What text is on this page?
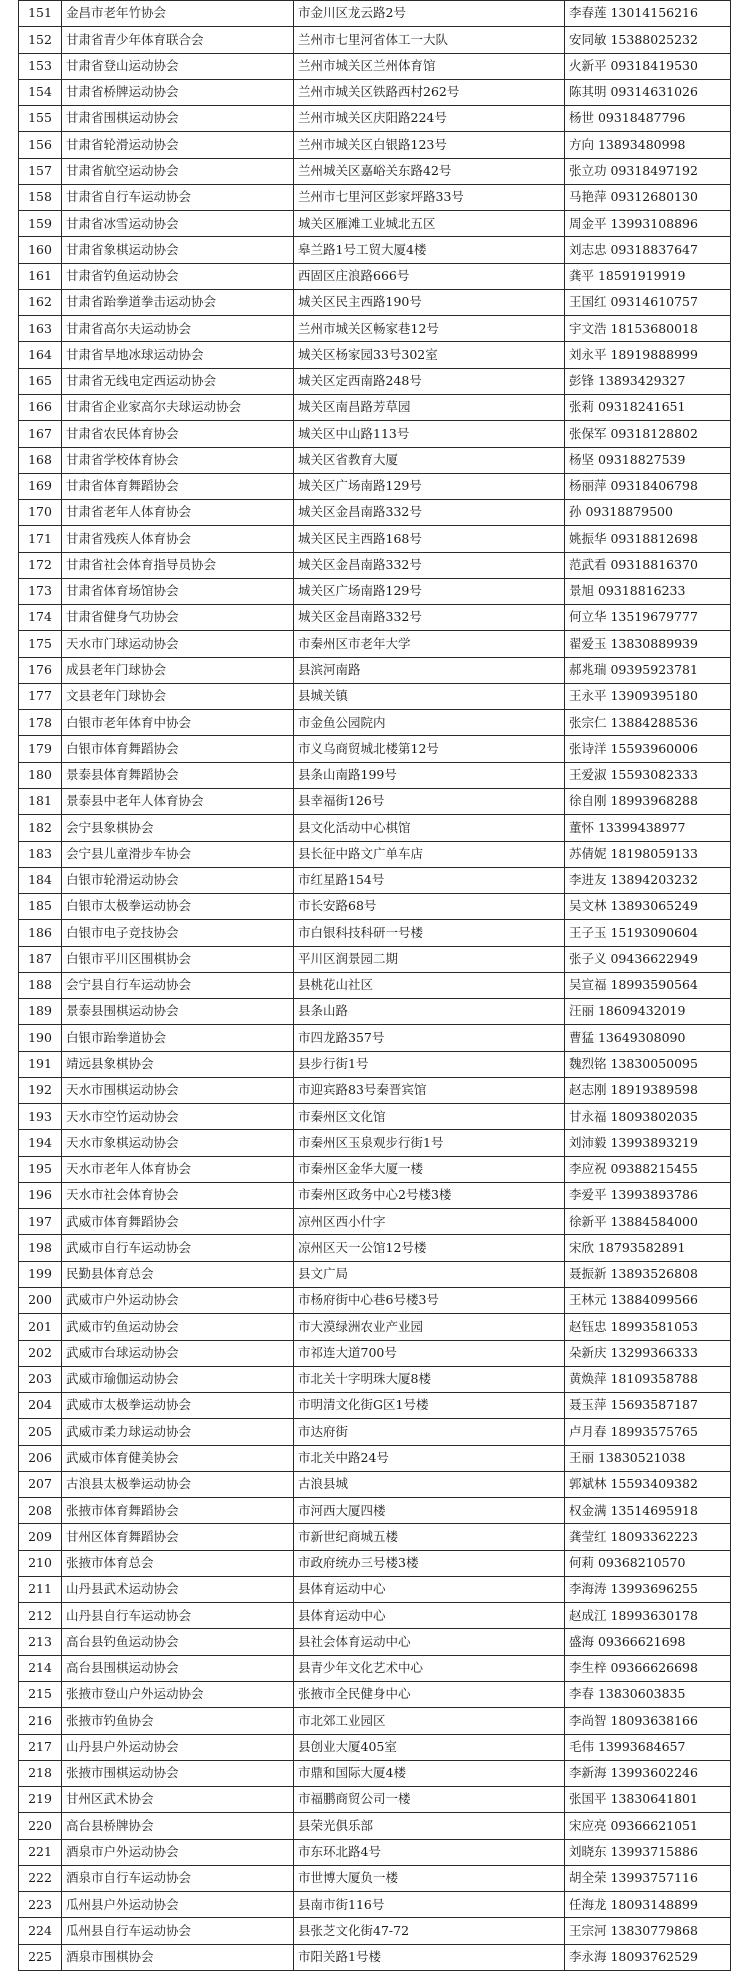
151	金昌市老年竹协会	市金川区龙云路2号	李春莲 13014156216
152	甘肃省青少年体育联合会	兰州市七里河省体工一大队	安同敏 15388025232
153	甘肃省登山运动协会	兰州市城关区兰州体育馆	火新平 09318419530
154	甘肃省桥牌运动协会	兰州市城关区铁路西村262号	陈其明 09314631026
155	甘肃省围棋运动协会	兰州市城关区庆阳路224号	杨世 09318487796
156	甘肃省轮滑运动协会	兰州市城关区白银路123号	方向 13893480998
157	甘肃省航空运动协会	兰州城关区嘉峪关东路42号	张立功 09318497192
158	甘肃省自行车运动协会	兰州市七里河区彭家坪路33号	马艳萍 09312680130
159	甘肃省冰雪运动协会	城关区雁滩工业城北五区	周金平 13993108896
160	甘肃省象棋运动协会	皋兰路1号工贸大厦4楼	刘志忠 09318837647
161	甘肃省钓鱼运动协会	西固区庄浪路666号	龚平 18591919919
162	甘肃省跆拳道拳击运动协会	城关区民主西路190号	王国红 09314610757
163	甘肃省高尔夫运动协会	兰州市城关区畅家巷12号	宇文浩 18153680018
164	甘肃省旱地冰球运动协会	城关区杨家园33号302室	刘永平 18919888999
165	甘肃省无线电定西运动协会	城关区定西南路248号	彭锋 13893429327
166	甘肃省企业家高尔夫球运动协会	城关区南昌路芳草园	张莉 09318241651
167	甘肃省农民体育协会	城关区中山路113号	张保军 09318128802
168	甘肃省学校体育协会	城关区省教育大厦	杨坚 09318827539
169	甘肃省体育舞蹈协会	城关区广场南路129号	杨丽萍 09318406798
170	甘肃省老年人体育协会	城关区金昌南路332号	孙 09318879500
171	甘肃省残疾人体育协会	城关区民主西路168号	姚振华 09318812698
172	甘肃省社会体育指导员协会	城关区金昌南路332号	范武看 09318816370
173	甘肃省体育场馆协会	城关区广场南路129号	景旭 09318816233
174	甘肃省健身气功协会	城关区金昌南路332号	何立华 13519679777
175	天水市门球运动协会	市秦州区市老年大学	翟爱玉 13830889939
176	成县老年门球协会	县滨河南路	郝兆瑞 09395923781
177	文县老年门球协会	县城关镇	王永平 13909395180
178	白银市老年体育中协会	市金鱼公园院内	张宗仁 13884288536
179	白银市体育舞蹈协会	市义乌商贸城北楼第12号	张诗洋 15593960006
180	景泰县体育舞蹈协会	县条山南路199号	王爱淑 15593082333
181	景泰县中老年人体育协会	县幸福街126号	徐自刚 18993968288
182	会宁县象棋协会	县文化活动中心棋馆	董怀 13399438977
183	会宁县儿童滑步车协会	县长征中路文广单车店	苏倩妮 18198059133
184	白银市轮滑运动协会	市红星路154号	李进友 13894203232
185	白银市太极拳运动协会	市长安路68号	吴文林 13893065249
186	白银市电子竞技协会	市白银科技科研一号楼	王子玉 15193090604
187	白银市平川区围棋协会	平川区润景园二期	张子义 09436622949
188	会宁县自行车运动协会	县桃花山社区	吴宣福 18993590564
189	景泰县围棋运动协会	县条山路	汪丽 18609432019
190	白银市跆拳道协会	市四龙路357号	曹猛 13649308090
191	靖远县象棋协会	县步行街1号	魏烈铭 13830050095
192	天水市围棋运动协会	市迎宾路83号秦晋宾馆	赵志刚 18919389598
193	天水市空竹运动协会	市秦州区文化馆	甘永福 18093802035
194	天水市象棋运动协会	市秦州区玉泉观步行街1号	刘沛毅 13993893219
195	天水市老年人体育协会	市秦州区金华大厦一楼	李应祝 09388215455
196	天水市社会体育协会	市秦州区政务中心2号楼3楼	李爱平 13993893786
197	武威市体育舞蹈协会	凉州区西小什字	徐新平 13884584000
198	武威市自行车运动协会	凉州区天一公馆12号楼	宋欣 18793582891
199	民勤县体育总会	县文广局	聂振新 13893526808
200	武威市户外运动协会	市杨府街中心巷6号楼3号	王林元 13884099566
201	武威市钓鱼运动协会	市大漠绿洲农业产业园	赵钰忠 18993581053
202	武威市台球运动协会	市祁连大道700号	朵新庆 13299366333
203	武威市瑜伽运动协会	市北关十字明珠大厦8楼	黄焕萍 18109358788
204	武威市太极拳运动协会	市明清文化街G区1号楼	聂玉萍 15693587187
205	武威市柔力球运动协会	市达府街	卢月春 18993575765
206	武威市体育健美协会	市北关中路24号	王丽 13830521038
207	古浪县太极拳运动协会	古浪县城	郭斌林 15593409382
208	张掖市体育舞蹈协会	市河西大厦四楼	权金满 13514695918
209	甘州区体育舞蹈协会	市新世纪商城五楼	龚莹红 18093362223
210	张掖市体育总会	市政府统办三号楼3楼	何莉 09368210570
211	山丹县武术运动协会	县体育运动中心	李海涛 13993696255
212	山丹县自行车运动协会	县体育运动中心	赵成江 18993630178
213	高台县钓鱼运动协会	县社会体育运动中心	盛海 09366621698
214	高台县围棋运动协会	县青少年文化艺术中心	李生梓 09366626698
215	张掖市登山户外运动协会	张掖市全民健身中心	李春 13830603835
216	张掖市钓鱼协会	市北郊工业园区	李尚智 18093638166
217	山丹县户外运动协会	县创业大厦405室	毛伟 13993684657
218	张掖市围棋运动协会	市鼎和国际大厦4楼	李新海 13993602246
219	甘州区武术协会	市福鹏商贸公司一楼	张国平 13830641801
220	高台县桥牌协会	县荣光俱乐部	宋应亮 09366621051
221	酒泉市户外运动协会	市东环北路4号	刘晓东 13993715886
222	酒泉市自行车运动协会	市世博大厦负一楼	胡全荣 13993757116
223	瓜州县户外运动协会	县南市街116号	任海龙 18093148899
224	瓜州县自行车运动协会	县张芝文化街47-72	王宗河 13830779868
225	酒泉市围棋协会	市阳关路1号楼	李永海 18093762529
